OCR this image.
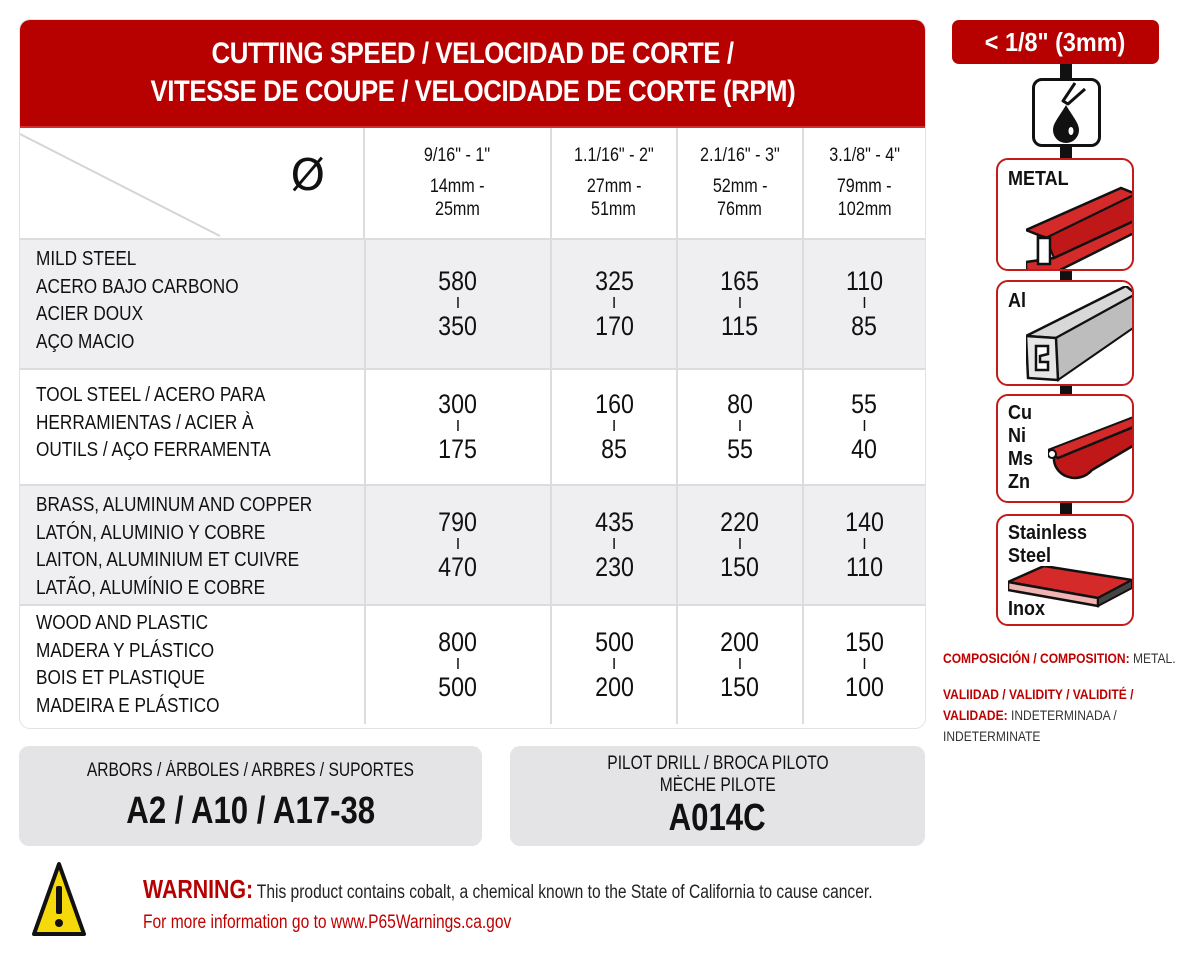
CUTTING SPEED / VELOCIDAD DE CORTE /
VITESSE DE COUPE / VELOCIDADE DE CORTE (RPM)
Ø	9/16" - 1"
14mm -
25mm
1.1/16" - 2"
27mm -
51mm
2.1/16" - 3"
52mm -
76mm
3.1/8" - 4"
79mm -
102mm
MILD STEEL
ACERO BAJO CARBONO
ACIER DOUX
AÇO MACIO
580
I
350
325
I
170
165
I
115
110
I
85
TOOL STEEL / ACERO PARA
HERRAMIENTAS / ACIER À
OUTILS / AÇO FERRAMENTA
300
I
175
160
I
85
80
I
55
55
I
40
BRASS, ALUMINUM AND COPPER
LATÓN, ALUMINIO Y COBRE
LAITON, ALUMINIUM ET CUIVRE
LATÃO, ALUMÍNIO E COBRE
790
I
470
435
I
230
220
I
150
140
I
110
WOOD AND PLASTIC
MADERA Y PLÁSTICO
BOIS ET PLASTIQUE
MADEIRA E PLÁSTICO
800
I
500
500
I
200
200
I
150
150
I
100
ARBORS / ÁRBOLES / ARBRES / SUPORTES
A2 / A10 / A17-38
PILOT DRILL / BROCA PILOTO
MÈCHE PILOTE
A014C
WARNING: This product contains cobalt, a chemical known to the State of California to cause cancer.
For more information go to www.P65Warnings.ca.gov
< 1/8" (3mm)
METAL
Al
Cu
Ni
Ms
Zn
Stainless
Steel
Inox
COMPOSICIÓN / COMPOSITION: METAL.
VALIIDAD / VALIDITY / VALIDITÉ /
VALIDADE: INDETERMINADA /
INDETERMINATE
